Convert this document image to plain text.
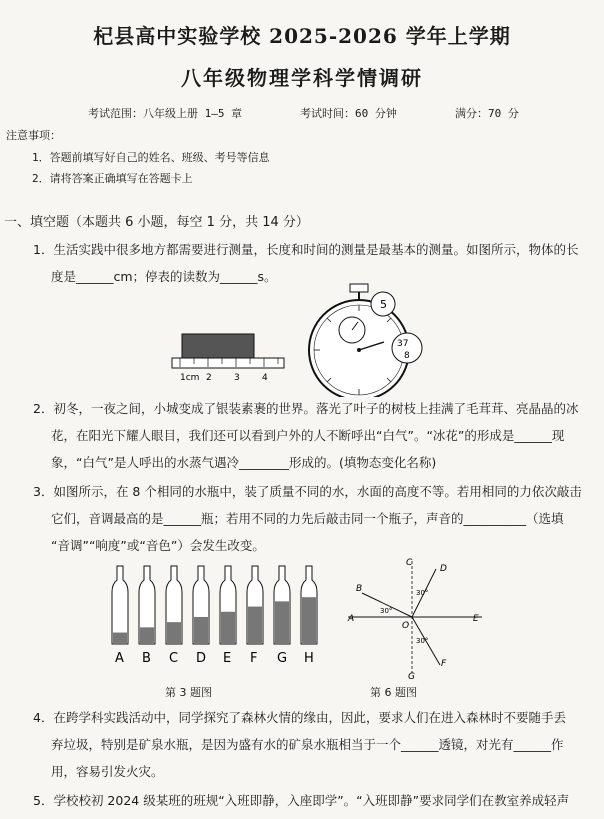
杞县高中实验学校 2025-2026 学年上学期
八年级物理学科学情调研
考试范围：八年级上册 1—5 章	考试时间：60 分钟	满分：70 分
注意事项：
1．答题前填写好自己的姓名、班级、考号等信息
2．请将答案正确填写在答题卡上
一、填空题（本题共 6 小题，每空 1 分，共 14 分）
1．生活实践中很多地方都需要进行测量，长度和时间的测量是最基本的测量。如图所示，物体的长
度是______cm；停表的读数为______s。
1cm 2 3 4
5
37
8
2．初冬，一夜之间，小城变成了银装素裹的世界。落光了叶子的树枝上挂满了毛茸茸、亮晶晶的冰
花，在阳光下耀人眼目，我们还可以看到户外的人不断呼出“白气”。“冰花”的形成是______现
象，“白气”是人呼出的水蒸气遇冷________形成的。(填物态变化名称)
3．如图所示，在 8 个相同的水瓶中，装了质量不同的水，水面的高度不等。若用相同的力依次敲击
它们，音调最高的是______瓶；若用不同的力先后敲击同一个瓶子，声音的__________（选填
“音调”“响度”或“音色”）会发生改变。
A B C D E F G H
第 3 题图
C
D
B
A
O
E
G
F
30°
30°
30°
第 6 题图
4．在跨学科实践活动中，同学探究了森林火情的缘由，因此，要求人们在进入森林时不要随手丢
弃垃圾，特别是矿泉水瓶，是因为盛有水的矿泉水瓶相当于一个______透镜，对光有______作
用，容易引发火灾。
5．学校校初 2024 级某班的班规“入班即静，入座即学”。“入班即静”要求同学们在教室养成轻声
